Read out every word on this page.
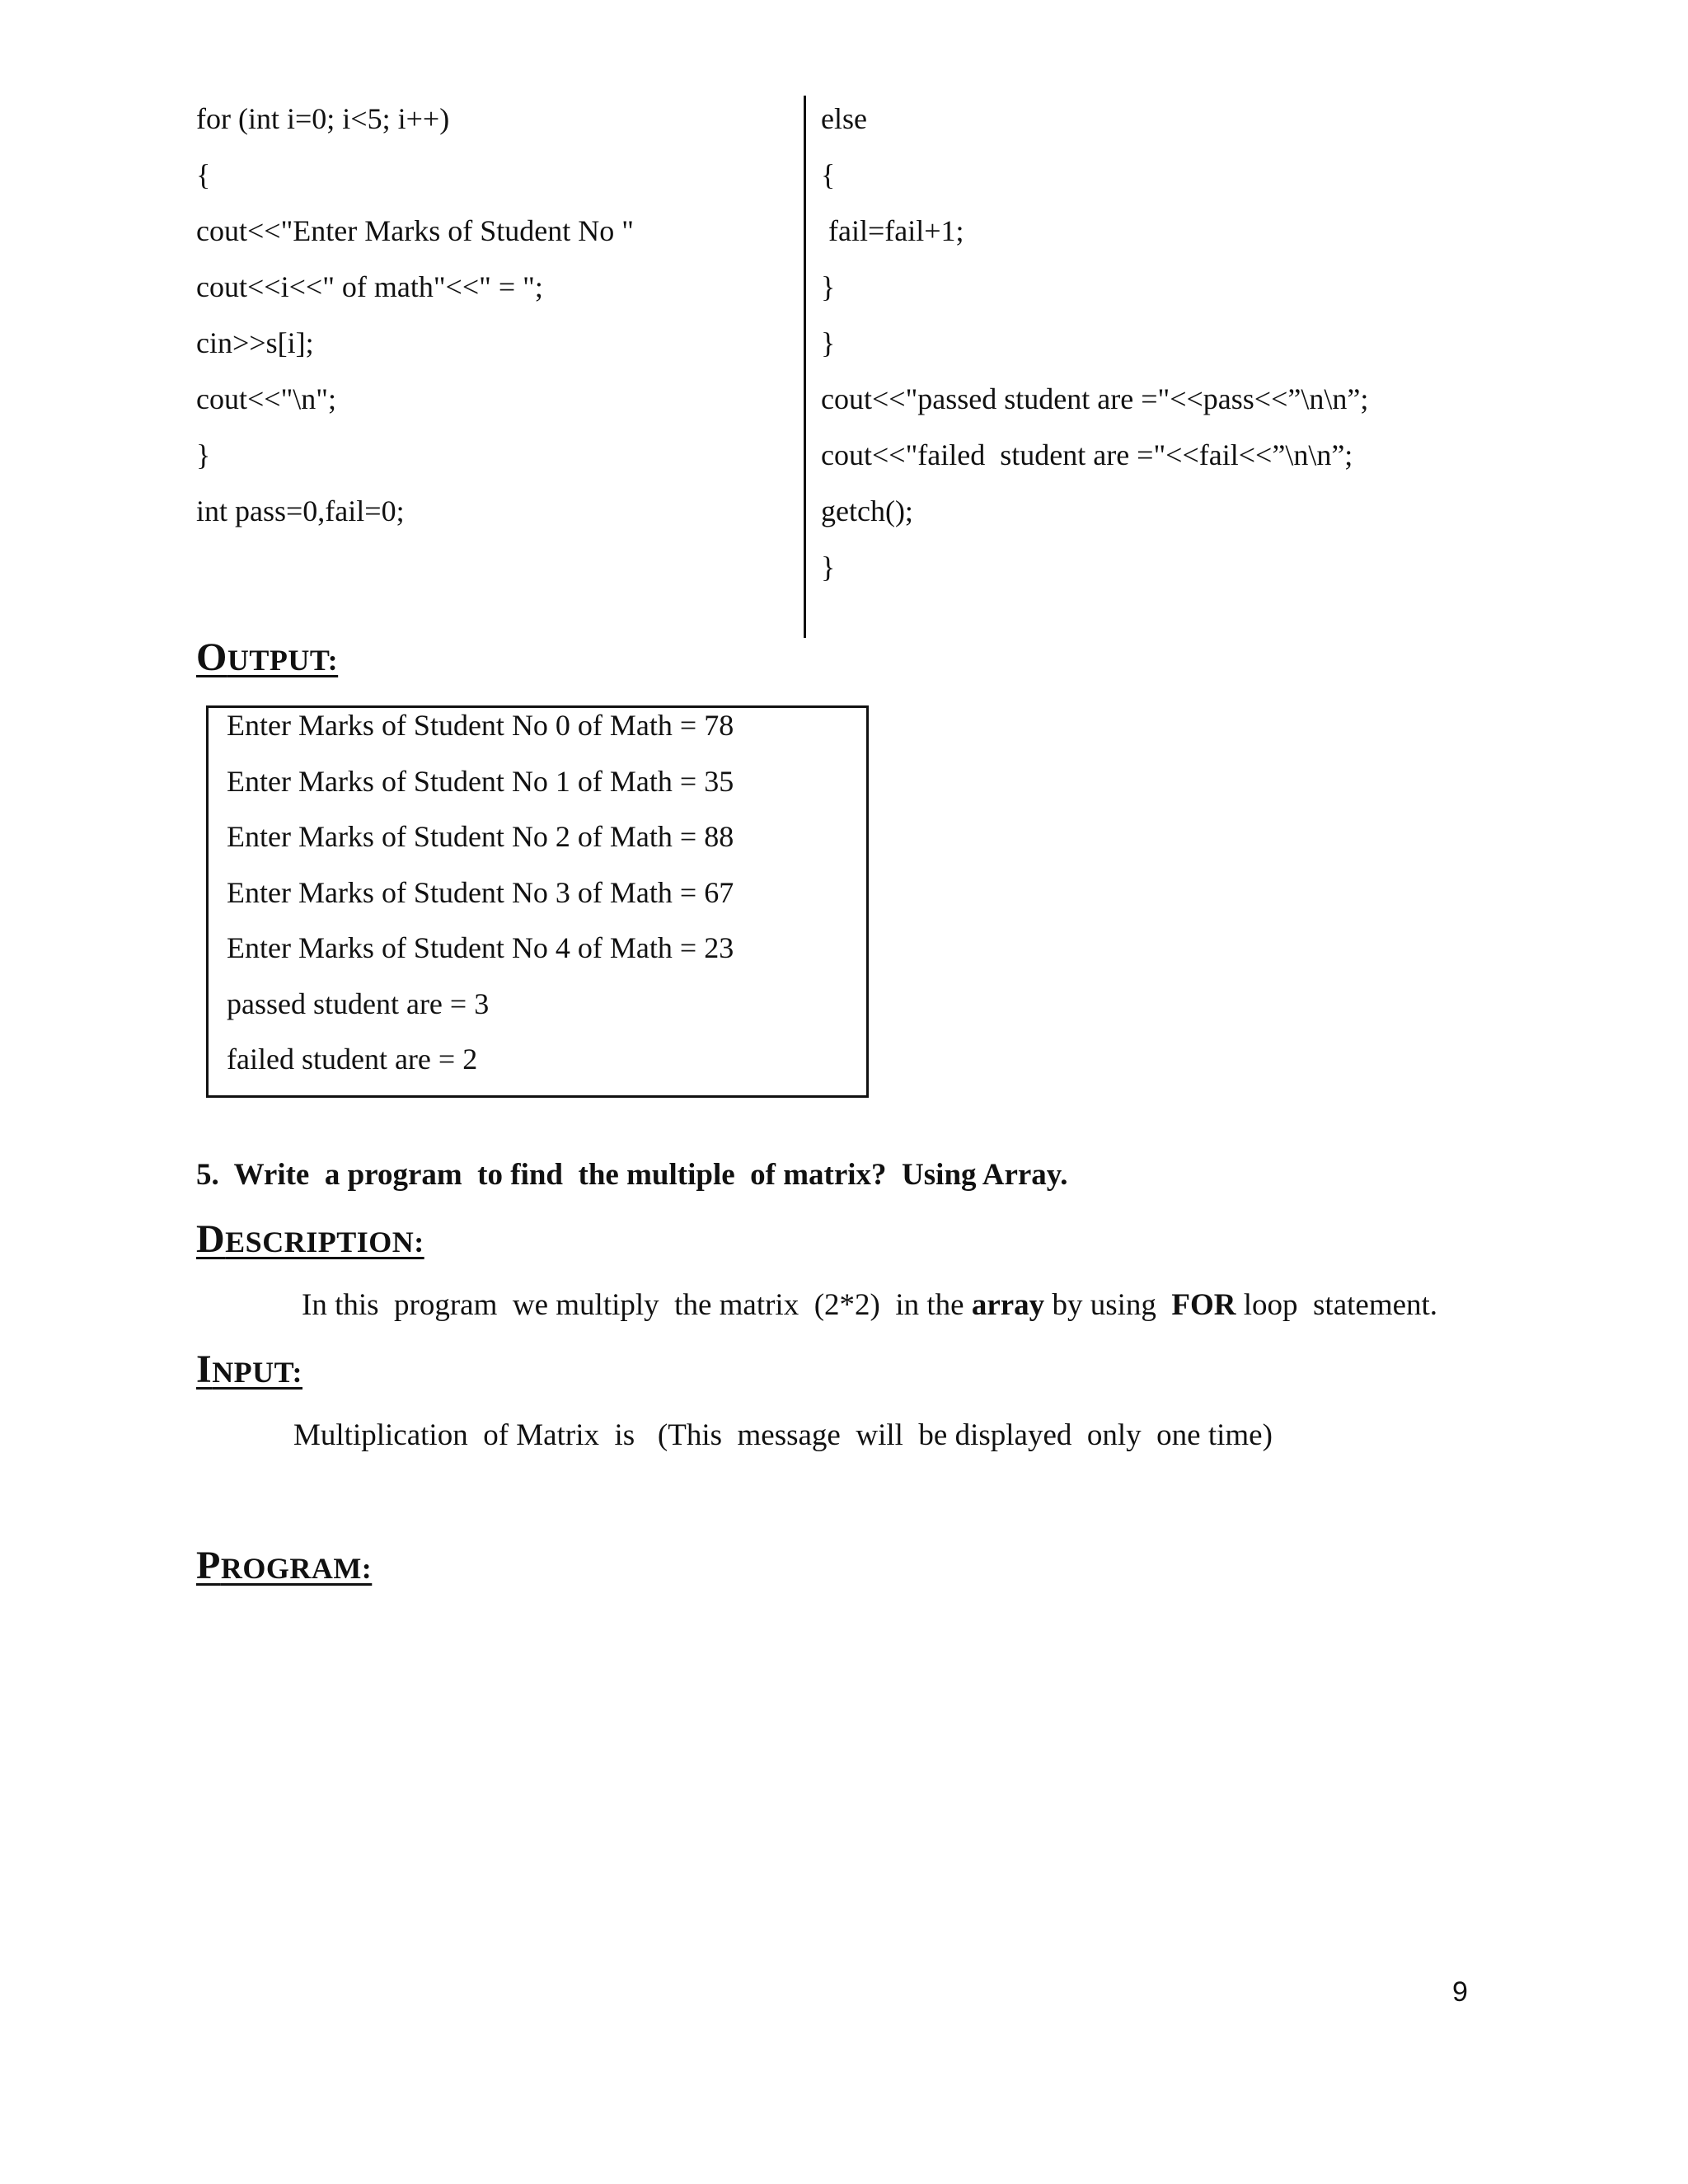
for (int i=0; i<5; i++)
{
cout<<"Enter Marks of Student No "
cout<<i<<" of math"<<" = ";
cin>>s[i];
cout<<"\n";
}
int pass=0,fail=0;
else
{
fail=fail+1;
}
}
cout<<"passed student are ="<<pass<<”\n\n”;
cout<<"failed  student are ="<<fail<<”\n\n”;
getch();
}
OUTPUT:
Enter Marks of Student No 0 of Math = 78
Enter Marks of Student No 1 of Math = 35
Enter Marks of Student No 2 of Math = 88
Enter Marks of Student No 3 of Math = 67
Enter Marks of Student No 4 of Math = 23
passed student are = 3
failed student are = 2
5.  Write  a program  to find  the multiple  of matrix?  Using Array.
DESCRIPTION:
In this  program  we multiply  the matrix  (2*2)  in the array by using  FOR loop  statement.
INPUT:
Multiplication  of Matrix  is   (This  message  will  be displayed  only  one time)
PROGRAM:
9
